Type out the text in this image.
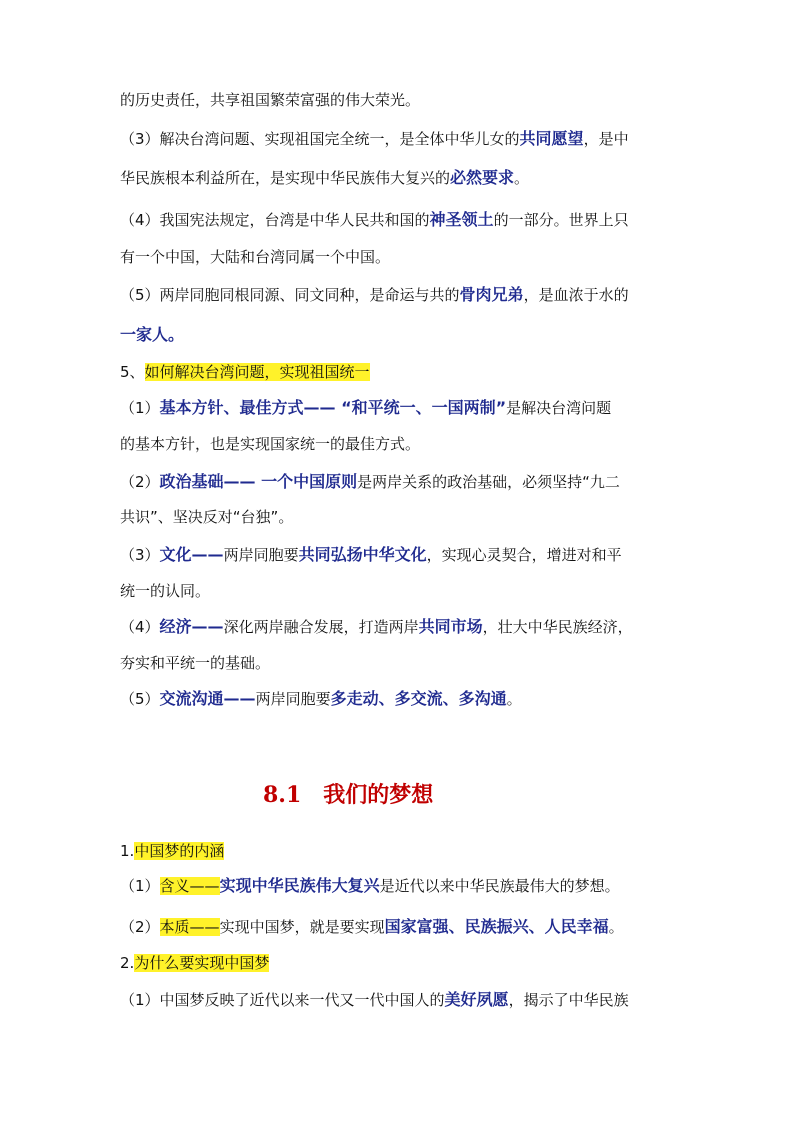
8.1 我们的梦想
的历史责任，共享祖国繁荣富强的伟大荣光。
（3）解决台湾问题、实现祖国完全统一，是全体中华儿女的共同愿望，是中
华民族根本利益所在，是实现中华民族伟大复兴的必然要求。
（4）我国宪法规定，台湾是中华人民共和国的神圣领土的一部分。世界上只
有一个中国，大陆和台湾同属一个中国。
（5）两岸同胞同根同源、同文同种，是命运与共的骨肉兄弟，是血浓于水的
一家人。
5、如何解决台湾问题，实现祖国统一
（1）基本方针、最佳方式—— “和平统一、一国两制”是解决台湾问题
的基本方针，也是实现国家统一的最佳方式。
（2）政治基础—— 一个中国原则是两岸关系的政治基础，必须坚持“九二
共识”、坚决反对“台独”。
（3）文化——两岸同胞要共同弘扬中华文化，实现心灵契合，增进对和平
统一的认同。
（4）经济——深化两岸融合发展，打造两岸共同市场，壮大中华民族经济，
夯实和平统一的基础。
（5）交流沟通——两岸同胞要多走动、多交流、多沟通。
1.中国梦的内涵
（1）含义——实现中华民族伟大复兴是近代以来中华民族最伟大的梦想。
（2）本质——实现中国梦，就是要实现国家富强、民族振兴、人民幸福。
2.为什么要实现中国梦
（1）中国梦反映了近代以来一代又一代中国人的美好夙愿，揭示了中华民族
